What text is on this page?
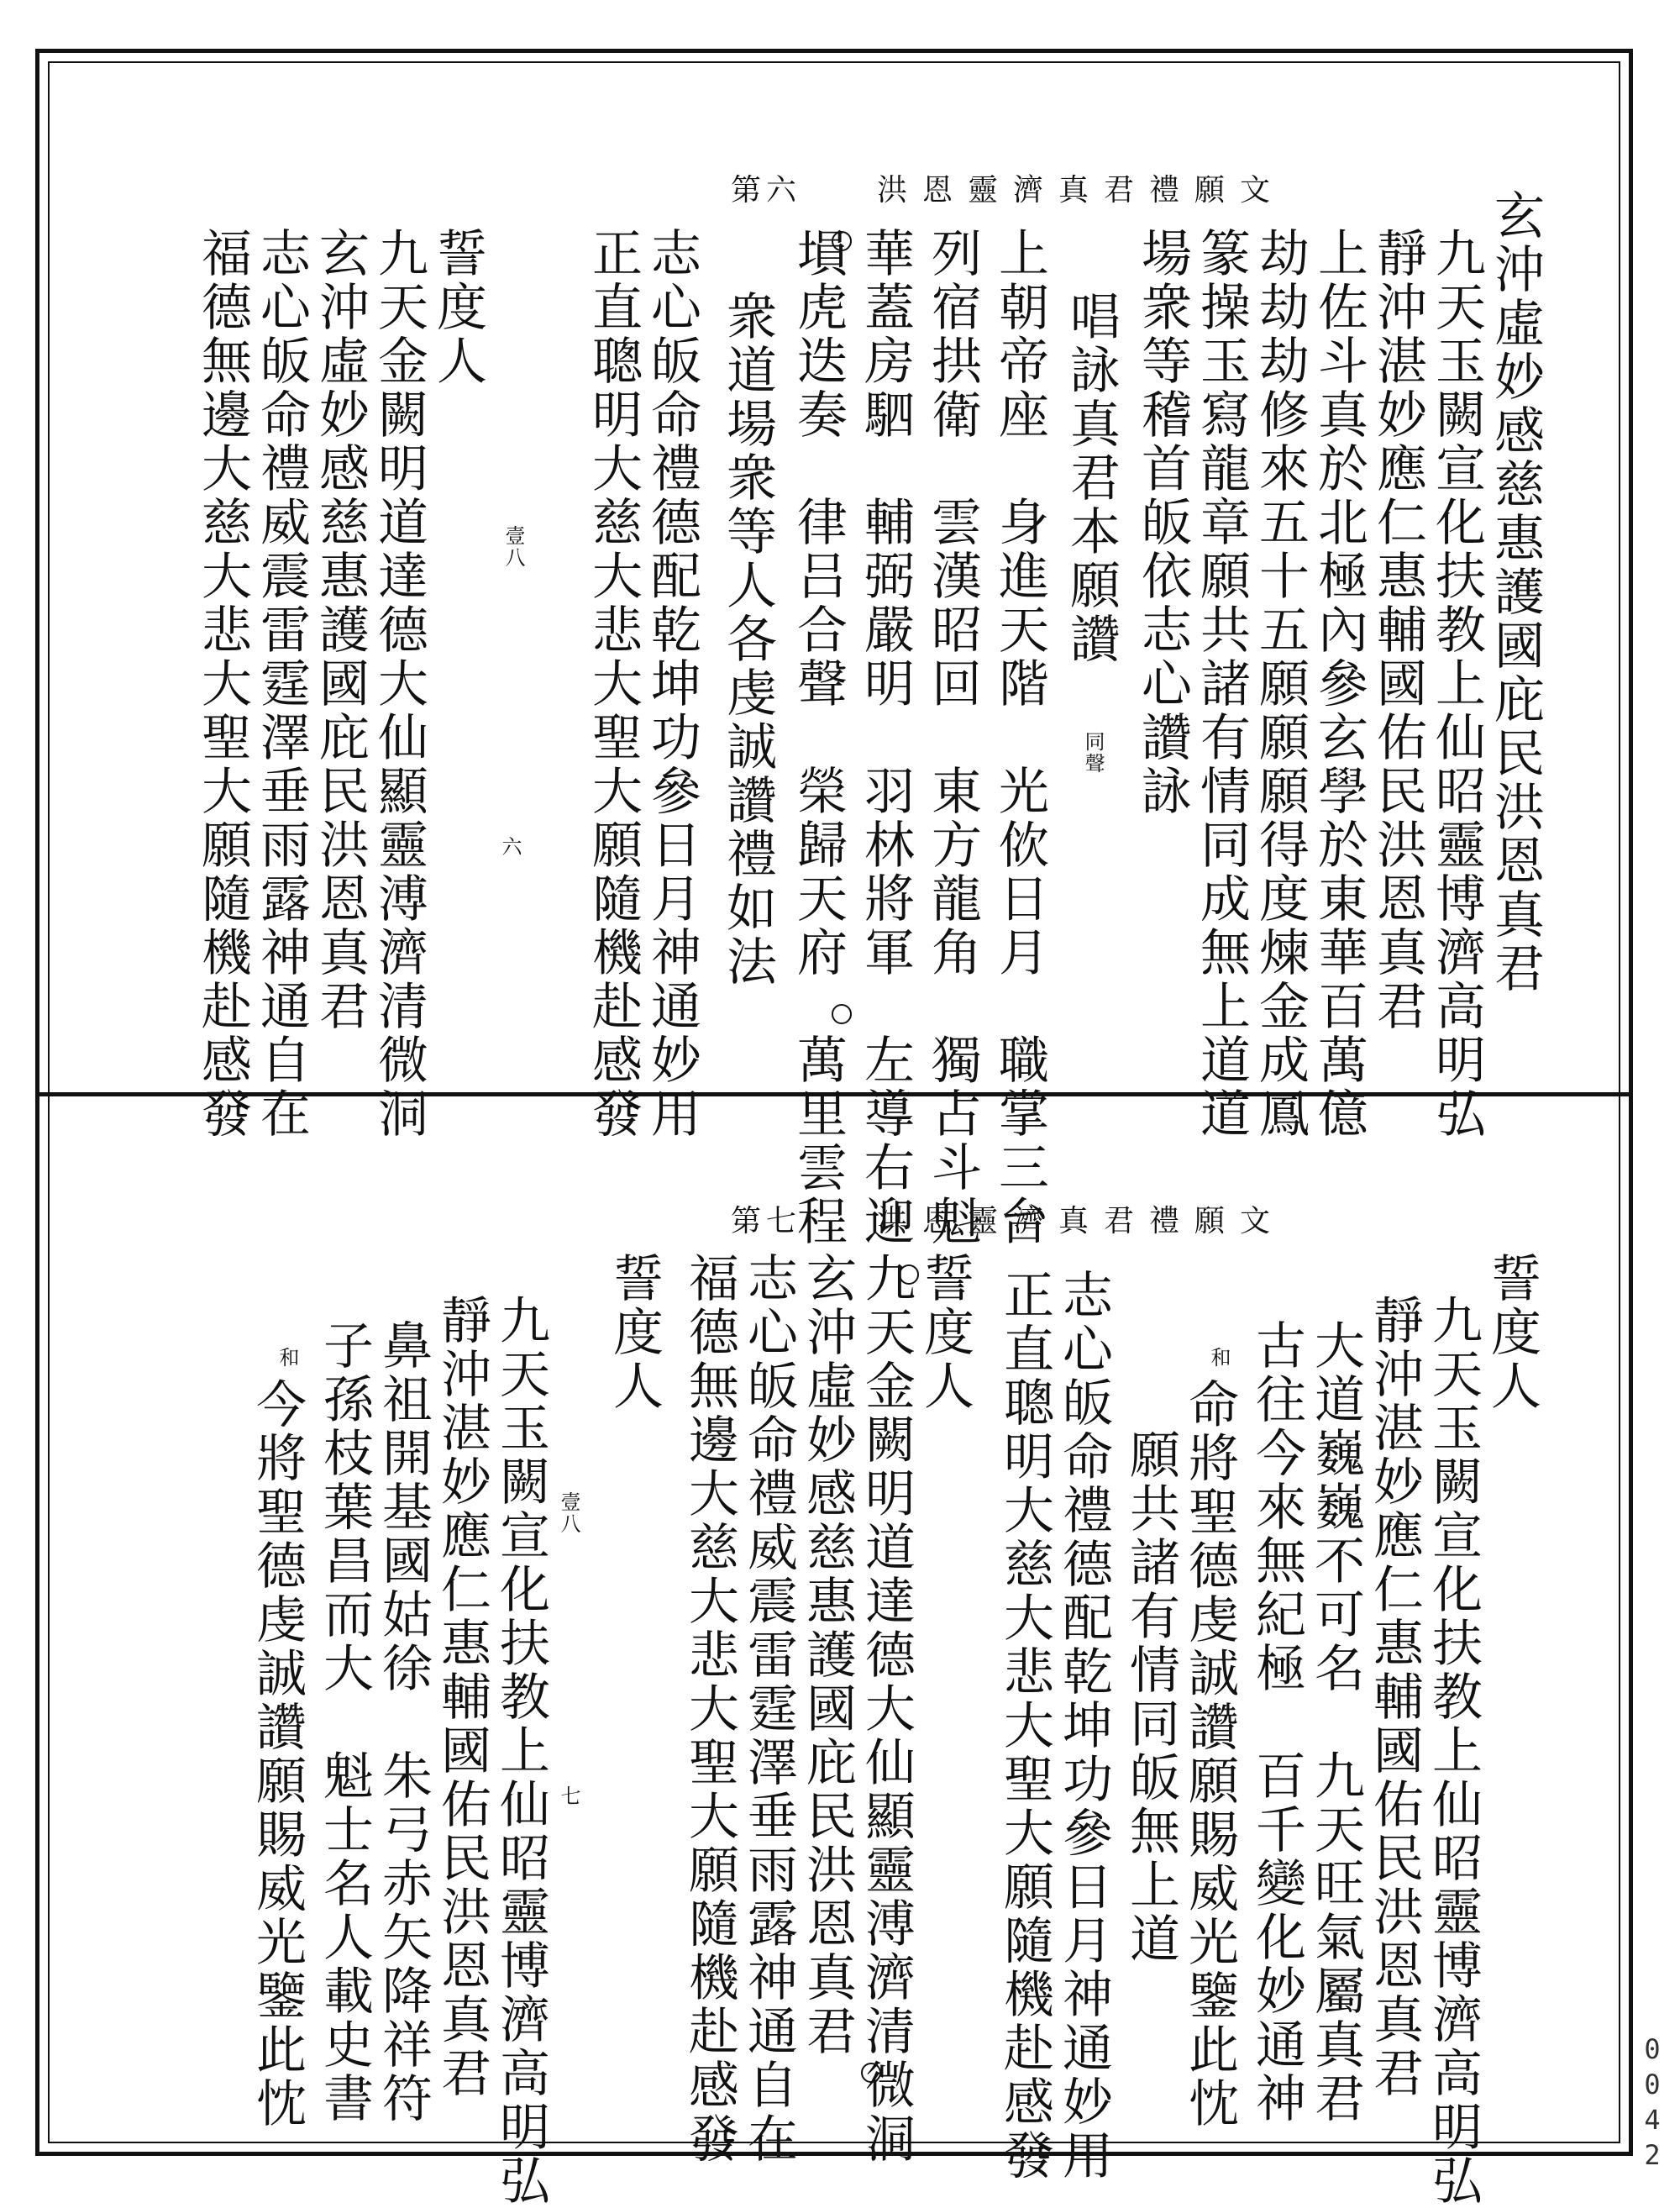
第六 洪恩靈濟真君禮願文	玄沖虛妙感慈惠護國庇民洪恩真君
九天玉闕宣化扶教上仙昭靈博濟高明弘
靜沖湛妙應仁惠輔國佑民洪恩真君
上佐斗真於北極內參玄學於東華百萬億
劫劫劫修來五十五願願願得度煉金成鳳
篆操玉寫龍章願共諸有情同成無上道道
場衆等稽首皈依志心讚詠
唱詠真君本願讚
同聲
上朝帝座　身進天階　光佽日月　職掌三台
列宿拱衛　雲漢昭回　東方龍角　獨占斗魁
華蓋房駟　輔弼嚴明　羽林將軍　左導右迎
塤虎迭奏　律吕合聲　榮歸天府　萬里雲程
衆道場衆等人各虔誠讚禮如法
志心皈命禮德配乾坤功參日月神通妙用
正直聰明大慈大悲大聖大願隨機赴感發
壹八
六
誓度人
九天金闕明道達德大仙顯靈溥濟清微洞
玄沖虛妙感慈惠護國庇民洪恩真君
志心皈命禮威震雷霆澤垂雨露神通自在
福德無邊大慈大悲大聖大願隨機赴感發
第七 洪恩靈濟真君禮願文
誓度人
九天玉闕宣化扶教上仙昭靈博濟高明弘
靜沖湛妙應仁惠輔國佑民洪恩真君
大道巍巍不可名　九天旺氣屬真君
古往今來無紀極　百千變化妙通神
和
命將聖德虔誠讚願賜威光鑒此忱
願共諸有情同皈無上道
志心皈命禮德配乾坤功參日月神通妙用
正直聰明大慈大悲大聖大願隨機赴感發
誓度人
九天金闕明道達德大仙顯靈溥濟清微洞
玄沖虛妙感慈惠護國庇民洪恩真君
志心皈命禮威震雷霆澤垂雨露神通自在
福德無邊大慈大悲大聖大願隨機赴感發
誓度人
壹八
七
九天玉闕宣化扶教上仙昭靈博濟高明弘
靜沖湛妙應仁惠輔國佑民洪恩真君
鼻祖開基國姑徐　朱弓赤矢降祥符
子孫枝葉昌而大　魁士名人載史書
和
今將聖德虔誠讚願賜威光鑒此忱	0042
